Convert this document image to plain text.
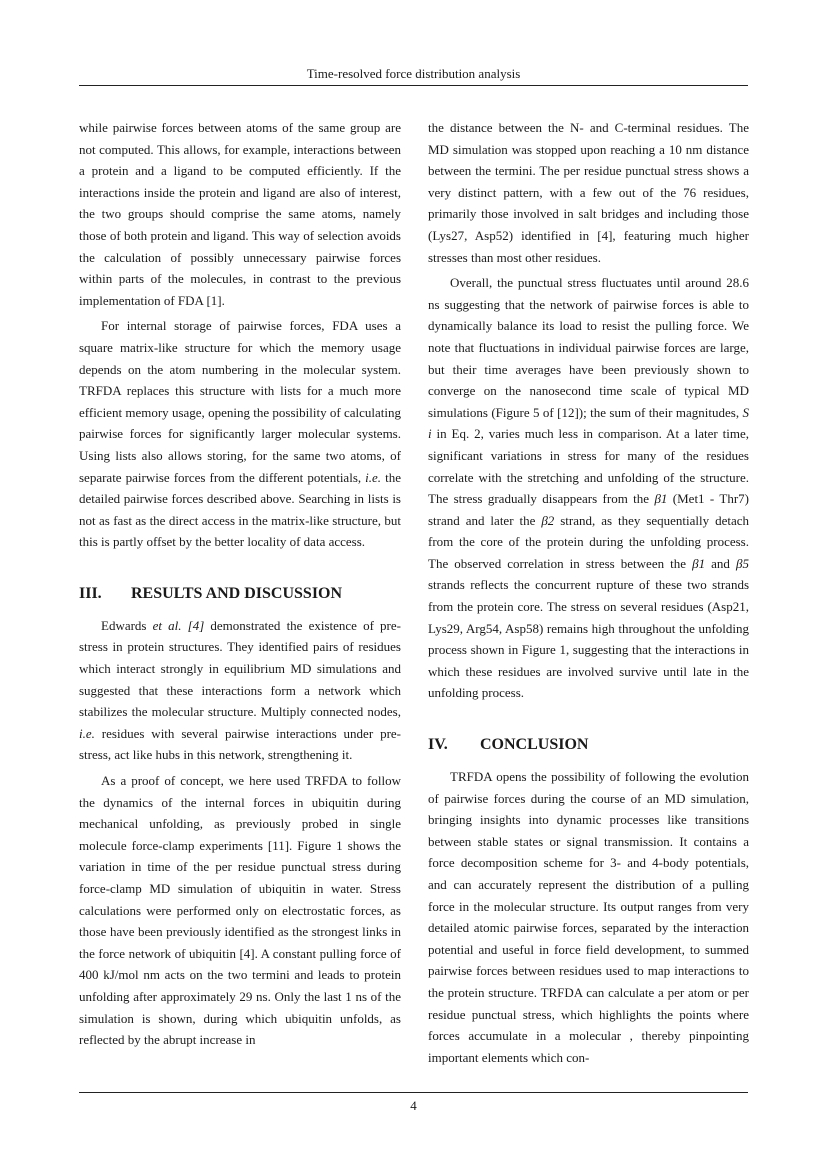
Time-resolved force distribution analysis

while pairwise forces between atoms of the same group are not computed. This allows, for example, interactions between a protein and a ligand to be computed efficiently. If the interactions inside the protein and ligand are also of interest, the two groups should comprise the same atoms, namely those of both protein and ligand. This way of selection avoids the calculation of possibly unnecessary pairwise forces within parts of the molecules, in contrast to the previous implementation of FDA [1].

For internal storage of pairwise forces, FDA uses a square matrix-like structure for which the memory usage depends on the atom numbering in the molecular system. TRFDA replaces this structure with lists for a much more efficient memory usage, opening the possibility of calculating pairwise forces for significantly larger molecular systems. Using lists also allows storing, for the same two atoms, of separate pairwise forces from the different potentials, i.e. the detailed pairwise forces described above. Searching in lists is not as fast as the direct access in the matrix-like structure, but this is partly offset by the better locality of data access.

III.	RESULTS AND DISCUSSION

Edwards et al. [4] demonstrated the existence of pre-stress in protein structures. They identified pairs of residues which interact strongly in equilibrium MD simulations and suggested that these interactions form a network which stabilizes the molecular structure. Multiply connected nodes, i.e. residues with several pairwise interactions under pre-stress, act like hubs in this network, strengthening it.

As a proof of concept, we here used TRFDA to follow the dynamics of the internal forces in ubiquitin during mechanical unfolding, as previously probed in single molecule force-clamp experiments [11]. Figure 1 shows the variation in time of the per residue punctual stress during force-clamp MD simulation of ubiquitin in water. Stress calculations were performed only on electrostatic forces, as those have been previously identified as the strongest links in the force network of ubiquitin [4]. A constant pulling force of 400 kJ/mol nm acts on the two termini and leads to protein unfolding after approximately 29 ns. Only the last 1 ns of the simulation is shown, during which ubiquitin unfolds, as reflected by the abrupt increase in

the distance between the N- and C-terminal residues. The MD simulation was stopped upon reaching a 10 nm distance between the termini. The per residue punctual stress shows a very distinct pattern, with a few out of the 76 residues, primarily those involved in salt bridges and including those (Lys27, Asp52) identified in [4], featuring much higher stresses than most other residues.

Overall, the punctual stress fluctuates until around 28.6 ns suggesting that the network of pairwise forces is able to dynamically balance its load to resist the pulling force. We note that fluctuations in individual pairwise forces are large, but their time averages have been previously shown to converge on the nanosecond time scale of typical MD simulations (Figure 5 of [12]); the sum of their magnitudes, S i in Eq. 2, varies much less in comparison. At a later time, significant variations in stress for many of the residues correlate with the stretching and unfolding of the structure. The stress gradually disappears from the β1 (Met1 - Thr7) strand and later the β2 strand, as they sequentially detach from the core of the protein during the unfolding process. The observed correlation in stress between the β1 and β5 strands reflects the concurrent rupture of these two strands from the protein core. The stress on several residues (Asp21, Lys29, Arg54, Asp58) remains high throughout the unfolding process shown in Figure 1, suggesting that the interactions in which these residues are involved survive until late in the unfolding process.

IV.	CONCLUSION

TRFDA opens the possibility of following the evolution of pairwise forces during the course of an MD simulation, bringing insights into dynamic processes like transitions between stable states or signal transmission. It contains a force decomposition scheme for 3- and 4-body potentials, and can accurately represent the distribution of a pulling force in the molecular structure. Its output ranges from very detailed atomic pairwise forces, separated by the interaction potential and useful in force field development, to summed pairwise forces between residues used to map interactions to the protein structure. TRFDA can calculate a per atom or per residue punctual stress, which highlights the points where forces accumulate in a molecular , thereby pinpointing important elements which con-

4
